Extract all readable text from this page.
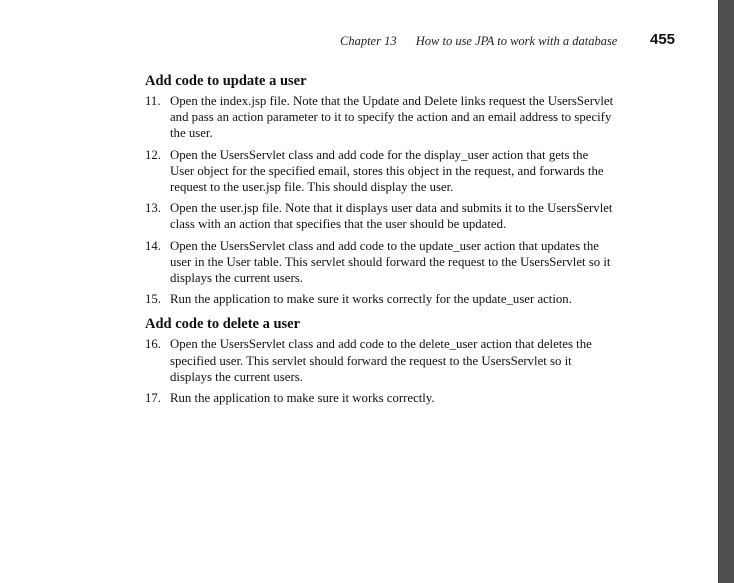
Chapter 13 How to use JPA to work with a database 455
Add code to update a user
11. Open the index.jsp file. Note that the Update and Delete links request the UsersServlet and pass an action parameter to it to specify the action and an email address to specify the user.
12. Open the UsersServlet class and add code for the display_user action that gets the User object for the specified email, stores this object in the request, and forwards the request to the user.jsp file. This should display the user.
13. Open the user.jsp file. Note that it displays user data and submits it to the UsersServlet class with an action that specifies that the user should be updated.
14. Open the UsersServlet class and add code to the update_user action that updates the user in the User table. This servlet should forward the request to the UsersServlet so it displays the current users.
15. Run the application to make sure it works correctly for the update_user action.
Add code to delete a user
16. Open the UsersServlet class and add code to the delete_user action that deletes the specified user. This servlet should forward the request to the UsersServlet so it displays the current users.
17. Run the application to make sure it works correctly.
